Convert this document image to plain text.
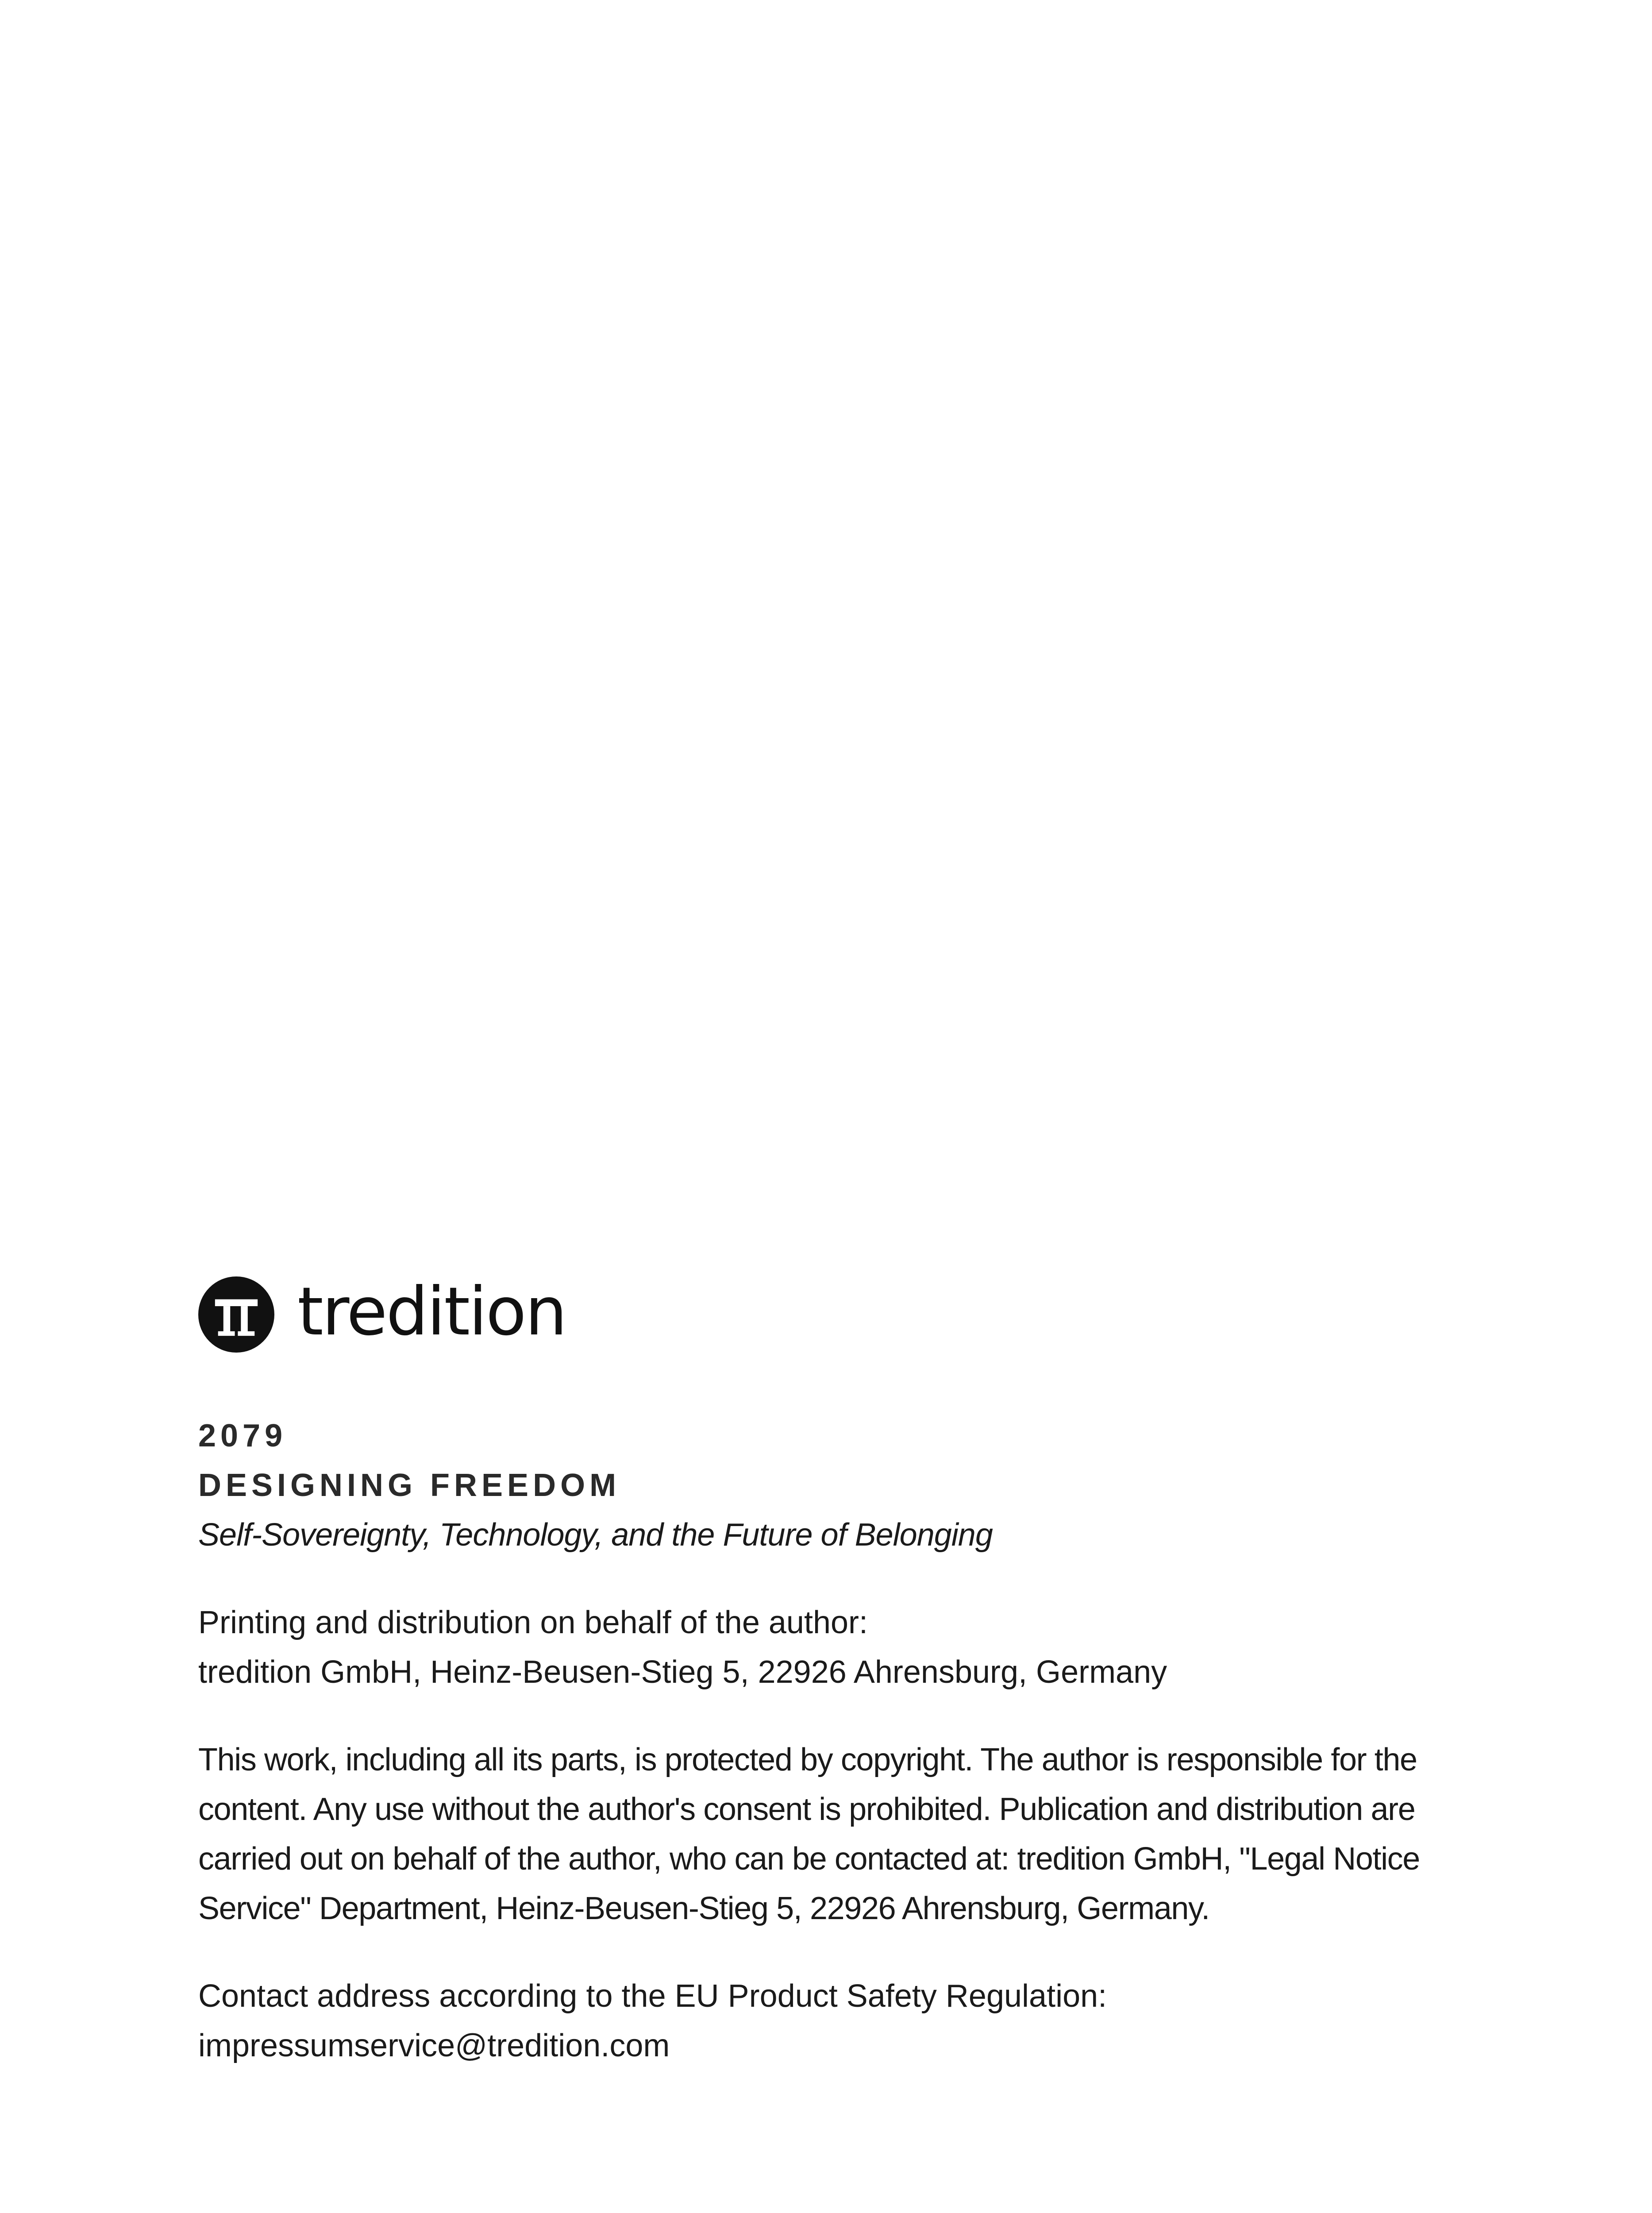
tredition
2079
DESIGNING FREEDOM
Self-Sovereignty, Technology, and the Future of Belonging
Printing and distribution on behalf of the author:
tredition GmbH, Heinz-Beusen-Stieg 5, 22926 Ahrensburg, Germany
This work, including all its parts, is protected by copyright. The author is responsible for the
content. Any use without the author's consent is prohibited. Publication and distribution are
carried out on behalf of the author, who can be contacted at: tredition GmbH, "Legal Notice
Service" Department, Heinz-Beusen-Stieg 5, 22926 Ahrensburg, Germany.
Contact address according to the EU Product Safety Regulation:
impressumservice@tredition.com
